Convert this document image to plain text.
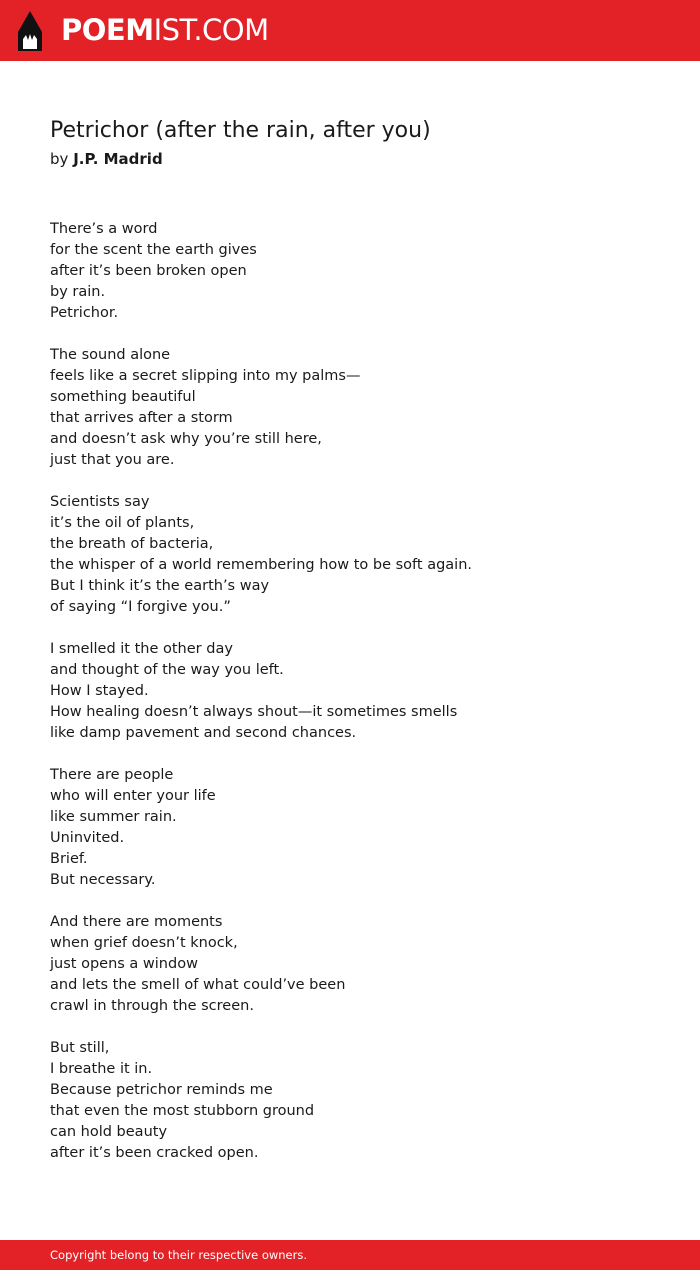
POEMIST.COM
Petrichor (after the rain, after you)
by J.P. Madrid
There’s a word
for the scent the earth gives
after it’s been broken open
by rain.
Petrichor.
The sound alone
feels like a secret slipping into my palms—
something beautiful
that arrives after a storm
and doesn’t ask why you’re still here,
just that you are.
Scientists say
it’s the oil of plants,
the breath of bacteria,
the whisper of a world remembering how to be soft again.
But I think it’s the earth’s way
of saying “I forgive you.”
I smelled it the other day
and thought of the way you left.
How I stayed.
How healing doesn’t always shout—it sometimes smells
like damp pavement and second chances.
There are people
who will enter your life
like summer rain.
Uninvited.
Brief.
But necessary.
And there are moments
when grief doesn’t knock,
just opens a window
and lets the smell of what could’ve been
crawl in through the screen.
But still,
I breathe it in.
Because petrichor reminds me
that even the most stubborn ground
can hold beauty
after it’s been cracked open.
Copyright belong to their respective owners.
